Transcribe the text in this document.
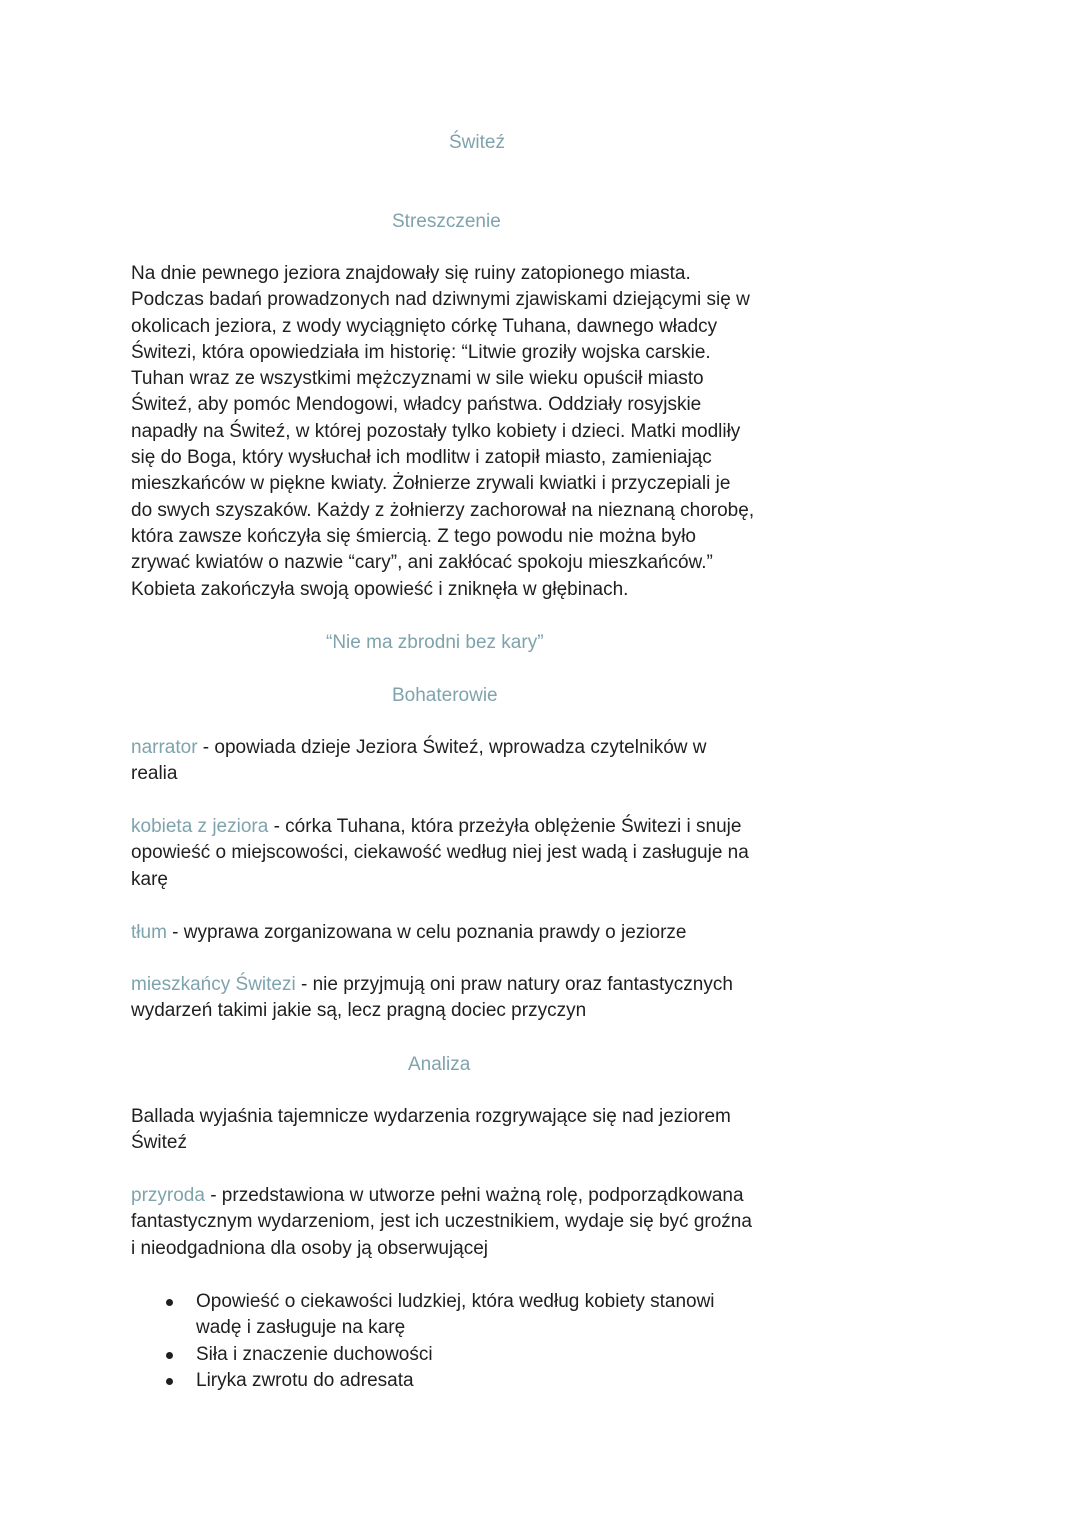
Świteź
Streszczenie

Na dnie pewnego jeziora znajdowały się ruiny zatopionego miasta.
Podczas badań prowadzonych nad dziwnymi zjawiskami dziejącymi się w
okolicach jeziora, z wody wyciągnięto córkę Tuhana, dawnego władcy
Świtezi, która opowiedziała im historię: “Litwie groziły wojska carskie.
Tuhan wraz ze wszystkimi mężczyznami w sile wieku opuścił miasto
Świteź, aby pomóc Mendogowi, władcy państwa. Oddziały rosyjskie
napadły na Świteź, w której pozostały tylko kobiety i dzieci. Matki modliły
się do Boga, który wysłuchał ich modlitw i zatopił miasto, zamieniając
mieszkańców w piękne kwiaty. Żołnierze zrywali kwiatki i przyczepiali je
do swych szyszaków. Każdy z żołnierzy zachorował na nieznaną chorobę,
która zawsze kończyła się śmiercią. Z tego powodu nie można było
zrywać kwiatów o nazwie “cary”, ani zakłócać spokoju mieszkańców.”
Kobieta zakończyła swoją opowieść i zniknęła w głębinach.

“Nie ma zbrodni bez kary”
Bohaterowie

narrator - opowiada dzieje Jeziora Świteź, wprowadza czytelników w
realia

kobieta z jeziora - córka Tuhana, która przeżyła oblężenie Świtezi i snuje
opowieść o miejscowości, ciekawość według niej jest wadą i zasługuje na
karę

tłum - wyprawa zorganizowana w celu poznania prawdy o jeziorze

mieszkańcy Świtezi - nie przyjmują oni praw natury oraz fantastycznych
wydarzeń takimi jakie są, lecz pragną dociec przyczyn

Analiza

Ballada wyjaśnia tajemnicze wydarzenia rozgrywające się nad jeziorem
Świteź

przyroda - przedstawiona w utworze pełni ważną rolę, podporządkowana
fantastycznym wydarzeniom, jest ich uczestnikiem, wydaje się być groźna
i nieodgadniona dla osoby ją obserwującej

Opowieść o ciekawości ludzkiej, która według kobiety stanowi
wadę i zasługuje na karę
Siła i znaczenie duchowości
Liryka zwrotu do adresata
